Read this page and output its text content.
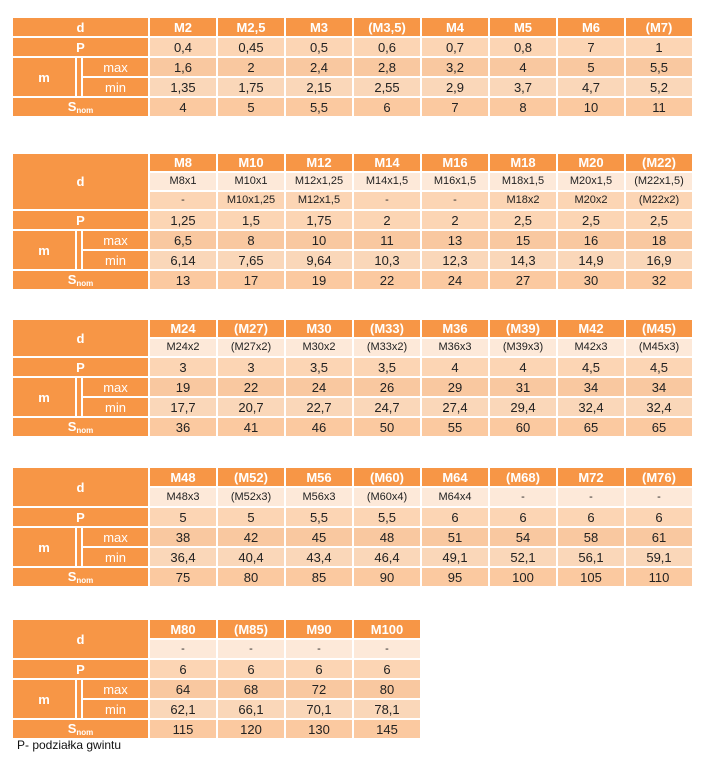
d			M2	M2,5	M3	(M3,5)	M4	M5	M6	(M7)
P			0,4	0,45	0,5	0,6	0,7	0,8	7	1
m		max	1,6	2	2,4	2,8	3,2	4	5	5,5
		min	1,35	1,75	2,15	2,55	2,9	3,7	4,7	5,2
$S_{nom}$			4	5	5,5	6	7	8	10	11
d			M8	M10	M12	M14	M16	M18	M20	(M22)
			M8x1	M10x1	M12x1,25	M14x1,5	M16x1,5	M18x1,5	M20x1,5	(M22x1,5)
			-	M10x1,25	M12x1,5	-	-	M18x2	M20x2	(M22x2)
P			1,25	1,5	1,75	2	2	2,5	2,5	2,5
m		max	6,5	8	10	11	13	15	16	18
		min	6,14	7,65	9,64	10,3	12,3	14,3	14,9	16,9
$S_{nom}$			13	17	19	22	24	27	30	32
d			M24	(M27)	M30	(M33)	M36	(M39)	M42	(M45)
			M24x2	(M27x2)	M30x2	(M33x2)	M36x3	(M39x3)	M42x3	(M45x3)
P			3	3	3,5	3,5	4	4	4,5	4,5
m		max	19	22	24	26	29	31	34	34
		min	17,7	20,7	22,7	24,7	27,4	29,4	32,4	32,4
$S_{nom}$			36	41	46	50	55	60	65	65
d			M48	(M52)	M56	(M60)	M64	(M68)	M72	(M76)
			M48x3	(M52x3)	M56x3	(M60x4)	M64x4	-	-	-
P			5	5	5,5	5,5	6	6	6	6
m		max	38	42	45	48	51	54	58	61
		min	36,4	40,4	43,4	46,4	49,1	52,1	56,1	59,1
$S_{nom}$			75	80	85	90	95	100	105	110
d			M80	(M85)	M90	M100
			-	-	-	-
P			6	6	6	6
m		max	64	68	72	80
		min	62,1	66,1	70,1	78,1
$S_{nom}$			115	120	130	145
P- podziałka gwintu
